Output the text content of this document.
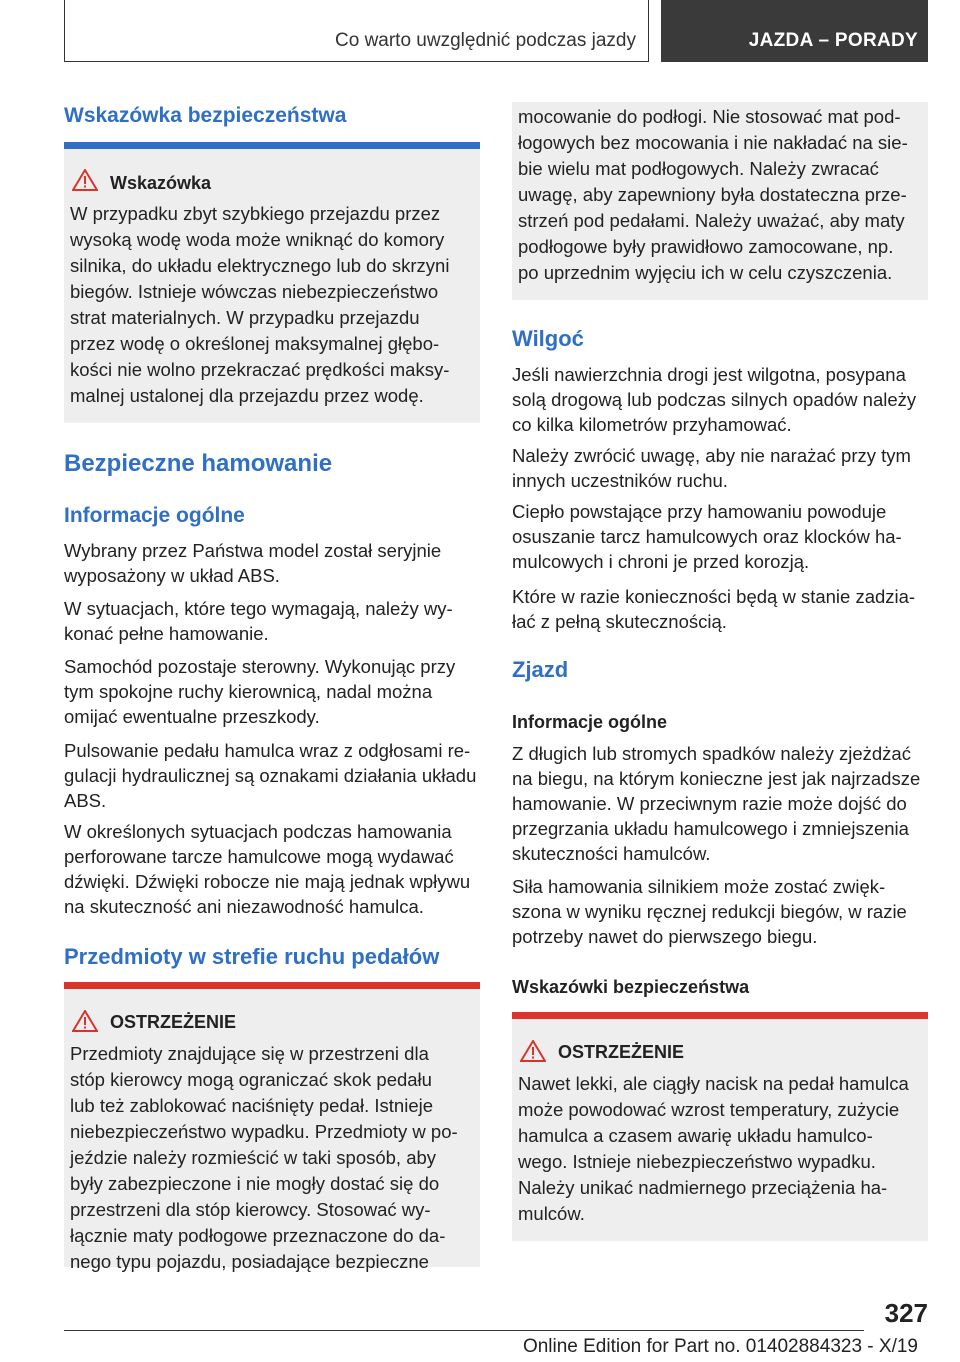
Co warto uwzględnić podczas jazdy	JAZDA – PORADY
Wskazówka bezpieczeństwa
Wskazówka
W przypadku zbyt szybkiego przejazdu przez
wysoką wodę woda może wniknąć do komory
silnika, do układu elektrycznego lub do skrzyni
biegów. Istnieje wówczas niebezpieczeństwo
strat materialnych. W przypadku przejazdu
przez wodę o określonej maksymalnej głębo-
kości nie wolno przekraczać prędkości maksy-
malnej ustalonej dla przejazdu przez wodę.
Bezpieczne hamowanie
Informacje ogólne
Wybrany przez Państwa model został seryjnie
wyposażony w układ ABS.
W sytuacjach, które tego wymagają, należy wy-
konać pełne hamowanie.
Samochód pozostaje sterowny. Wykonując przy
tym spokojne ruchy kierownicą, nadal można
omijać ewentualne przeszkody.
Pulsowanie pedału hamulca wraz z odgłosami re-
gulacji hydraulicznej są oznakami działania układu
ABS.
W określonych sytuacjach podczas hamowania
perforowane tarcze hamulcowe mogą wydawać
dźwięki. Dźwięki robocze nie mają jednak wpływu
na skuteczność ani niezawodność hamulca.
Przedmioty w strefie ruchu pedałów
OSTRZEŻENIE
Przedmioty znajdujące się w przestrzeni dla
stóp kierowcy mogą ograniczać skok pedału
lub też zablokować naciśnięty pedał. Istnieje
niebezpieczeństwo wypadku. Przedmioty w po-
jeździe należy rozmieścić w taki sposób, aby
były zabezpieczone i nie mogły dostać się do
przestrzeni dla stóp kierowcy. Stosować wy-
łącznie maty podłogowe przeznaczone do da-
nego typu pojazdu, posiadające bezpieczne
mocowanie do podłogi. Nie stosować mat pod-
łogowych bez mocowania i nie nakładać na sie-
bie wielu mat podłogowych. Należy zwracać
uwagę, aby zapewniony była dostateczna prze-
strzeń pod pedałami. Należy uważać, aby maty
podłogowe były prawidłowo zamocowane, np.
po uprzednim wyjęciu ich w celu czyszczenia.
Wilgoć
Jeśli nawierzchnia drogi jest wilgotna, posypana
solą drogową lub podczas silnych opadów należy
co kilka kilometrów przyhamować.
Należy zwrócić uwagę, aby nie narażać przy tym
innych uczestników ruchu.
Ciepło powstające przy hamowaniu powoduje
osuszanie tarcz hamulcowych oraz klocków ha-
mulcowych i chroni je przed korozją.
Które w razie konieczności będą w stanie zadzia-
łać z pełną skutecznością.
Zjazd
Informacje ogólne
Z długich lub stromych spadków należy zjeżdżać
na biegu, na którym konieczne jest jak najrzadsze
hamowanie. W przeciwnym razie może dojść do
przegrzania układu hamulcowego i zmniejszenia
skuteczności hamulców.
Siła hamowania silnikiem może zostać zwięk-
szona w wyniku ręcznej redukcji biegów, w razie
potrzeby nawet do pierwszego biegu.
Wskazówki bezpieczeństwa
OSTRZEŻENIE
Nawet lekki, ale ciągły nacisk na pedał hamulca
może powodować wzrost temperatury, zużycie
hamulca a czasem awarię układu hamulco-
wego. Istnieje niebezpieczeństwo wypadku.
Należy unikać nadmiernego przeciążenia ha-
mulców.
327
Online Edition for Part no. 01402884323 - X/19
